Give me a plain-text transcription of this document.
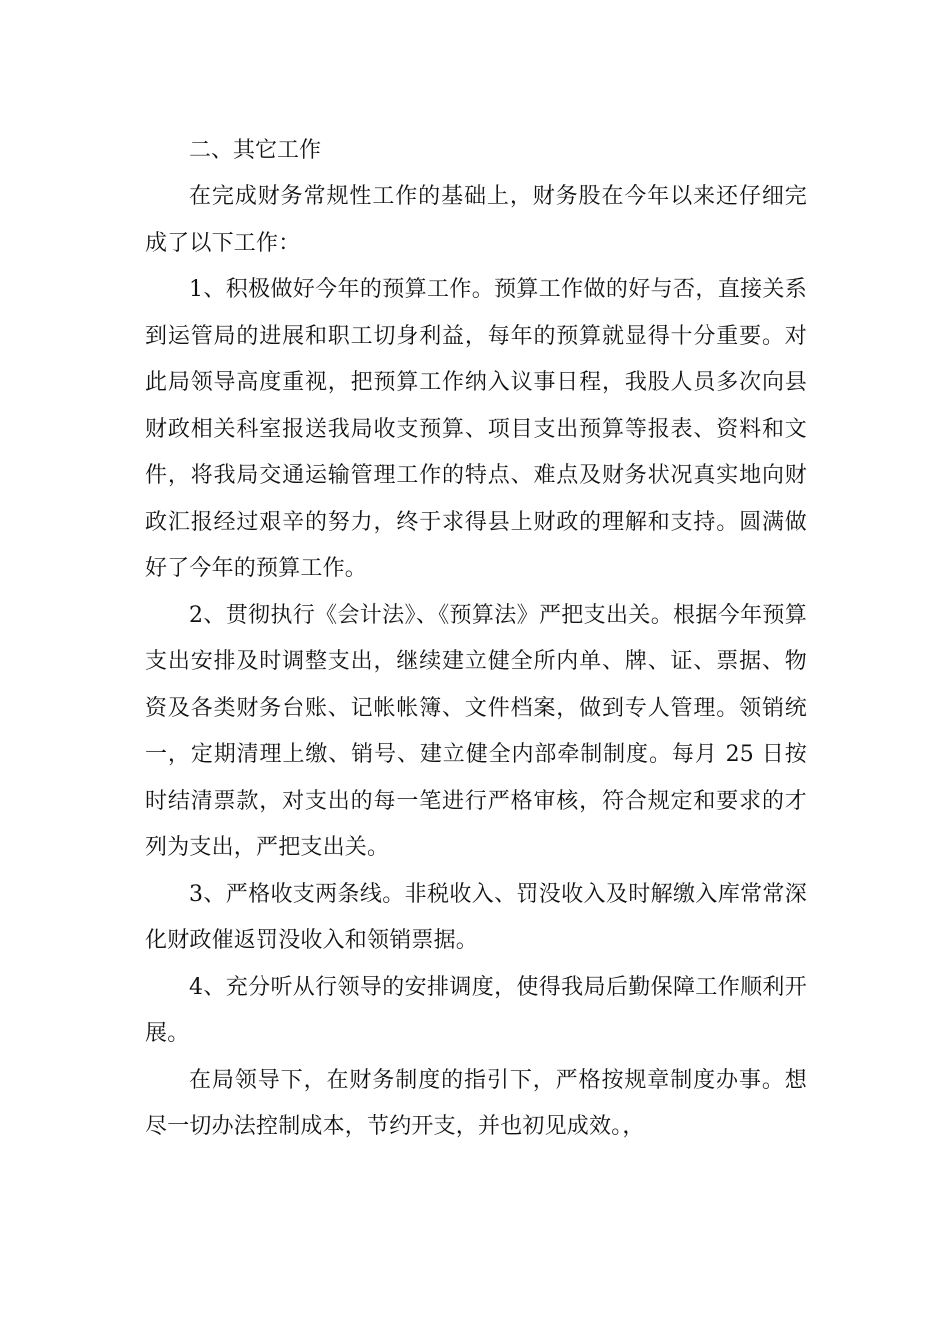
二、其它工作

在完成财务常规性工作的基础上，财务股在今年以来还仔细完成了以下工作：

1、积极做好今年的预算工作。预算工作做的好与否，直接关系到运管局的进展和职工切身利益，每年的预算就显得十分重要。对此局领导高度重视，把预算工作纳入议事日程，我股人员多次向县财政相关科室报送我局收支预算、项目支出预算等报表、资料和文件，将我局交通运输管理工作的特点、难点及财务状况真实地向财政汇报经过艰辛的努力，终于求得县上财政的理解和支持。圆满做好了今年的预算工作。

2、贯彻执行《会计法》、《预算法》严把支出关。根据今年预算支出安排及时调整支出，继续建立健全所内单、牌、证、票据、物资及各类财务台账、记帐帐簿、文件档案，做到专人管理。领销统一，定期清理上缴、销号、建立健全内部牵制制度。每月 25 日按时结清票款，对支出的每一笔进行严格审核，符合规定和要求的才列为支出，严把支出关。

3、严格收支两条线。非税收入、罚没收入及时解缴入库常常深化财政催返罚没收入和领销票据。

4、充分听从行领导的安排调度，使得我局后勤保障工作顺利开展。

在局领导下，在财务制度的指引下，严格按规章制度办事。想尽一切办法控制成本，节约开支，并也初见成效。，
